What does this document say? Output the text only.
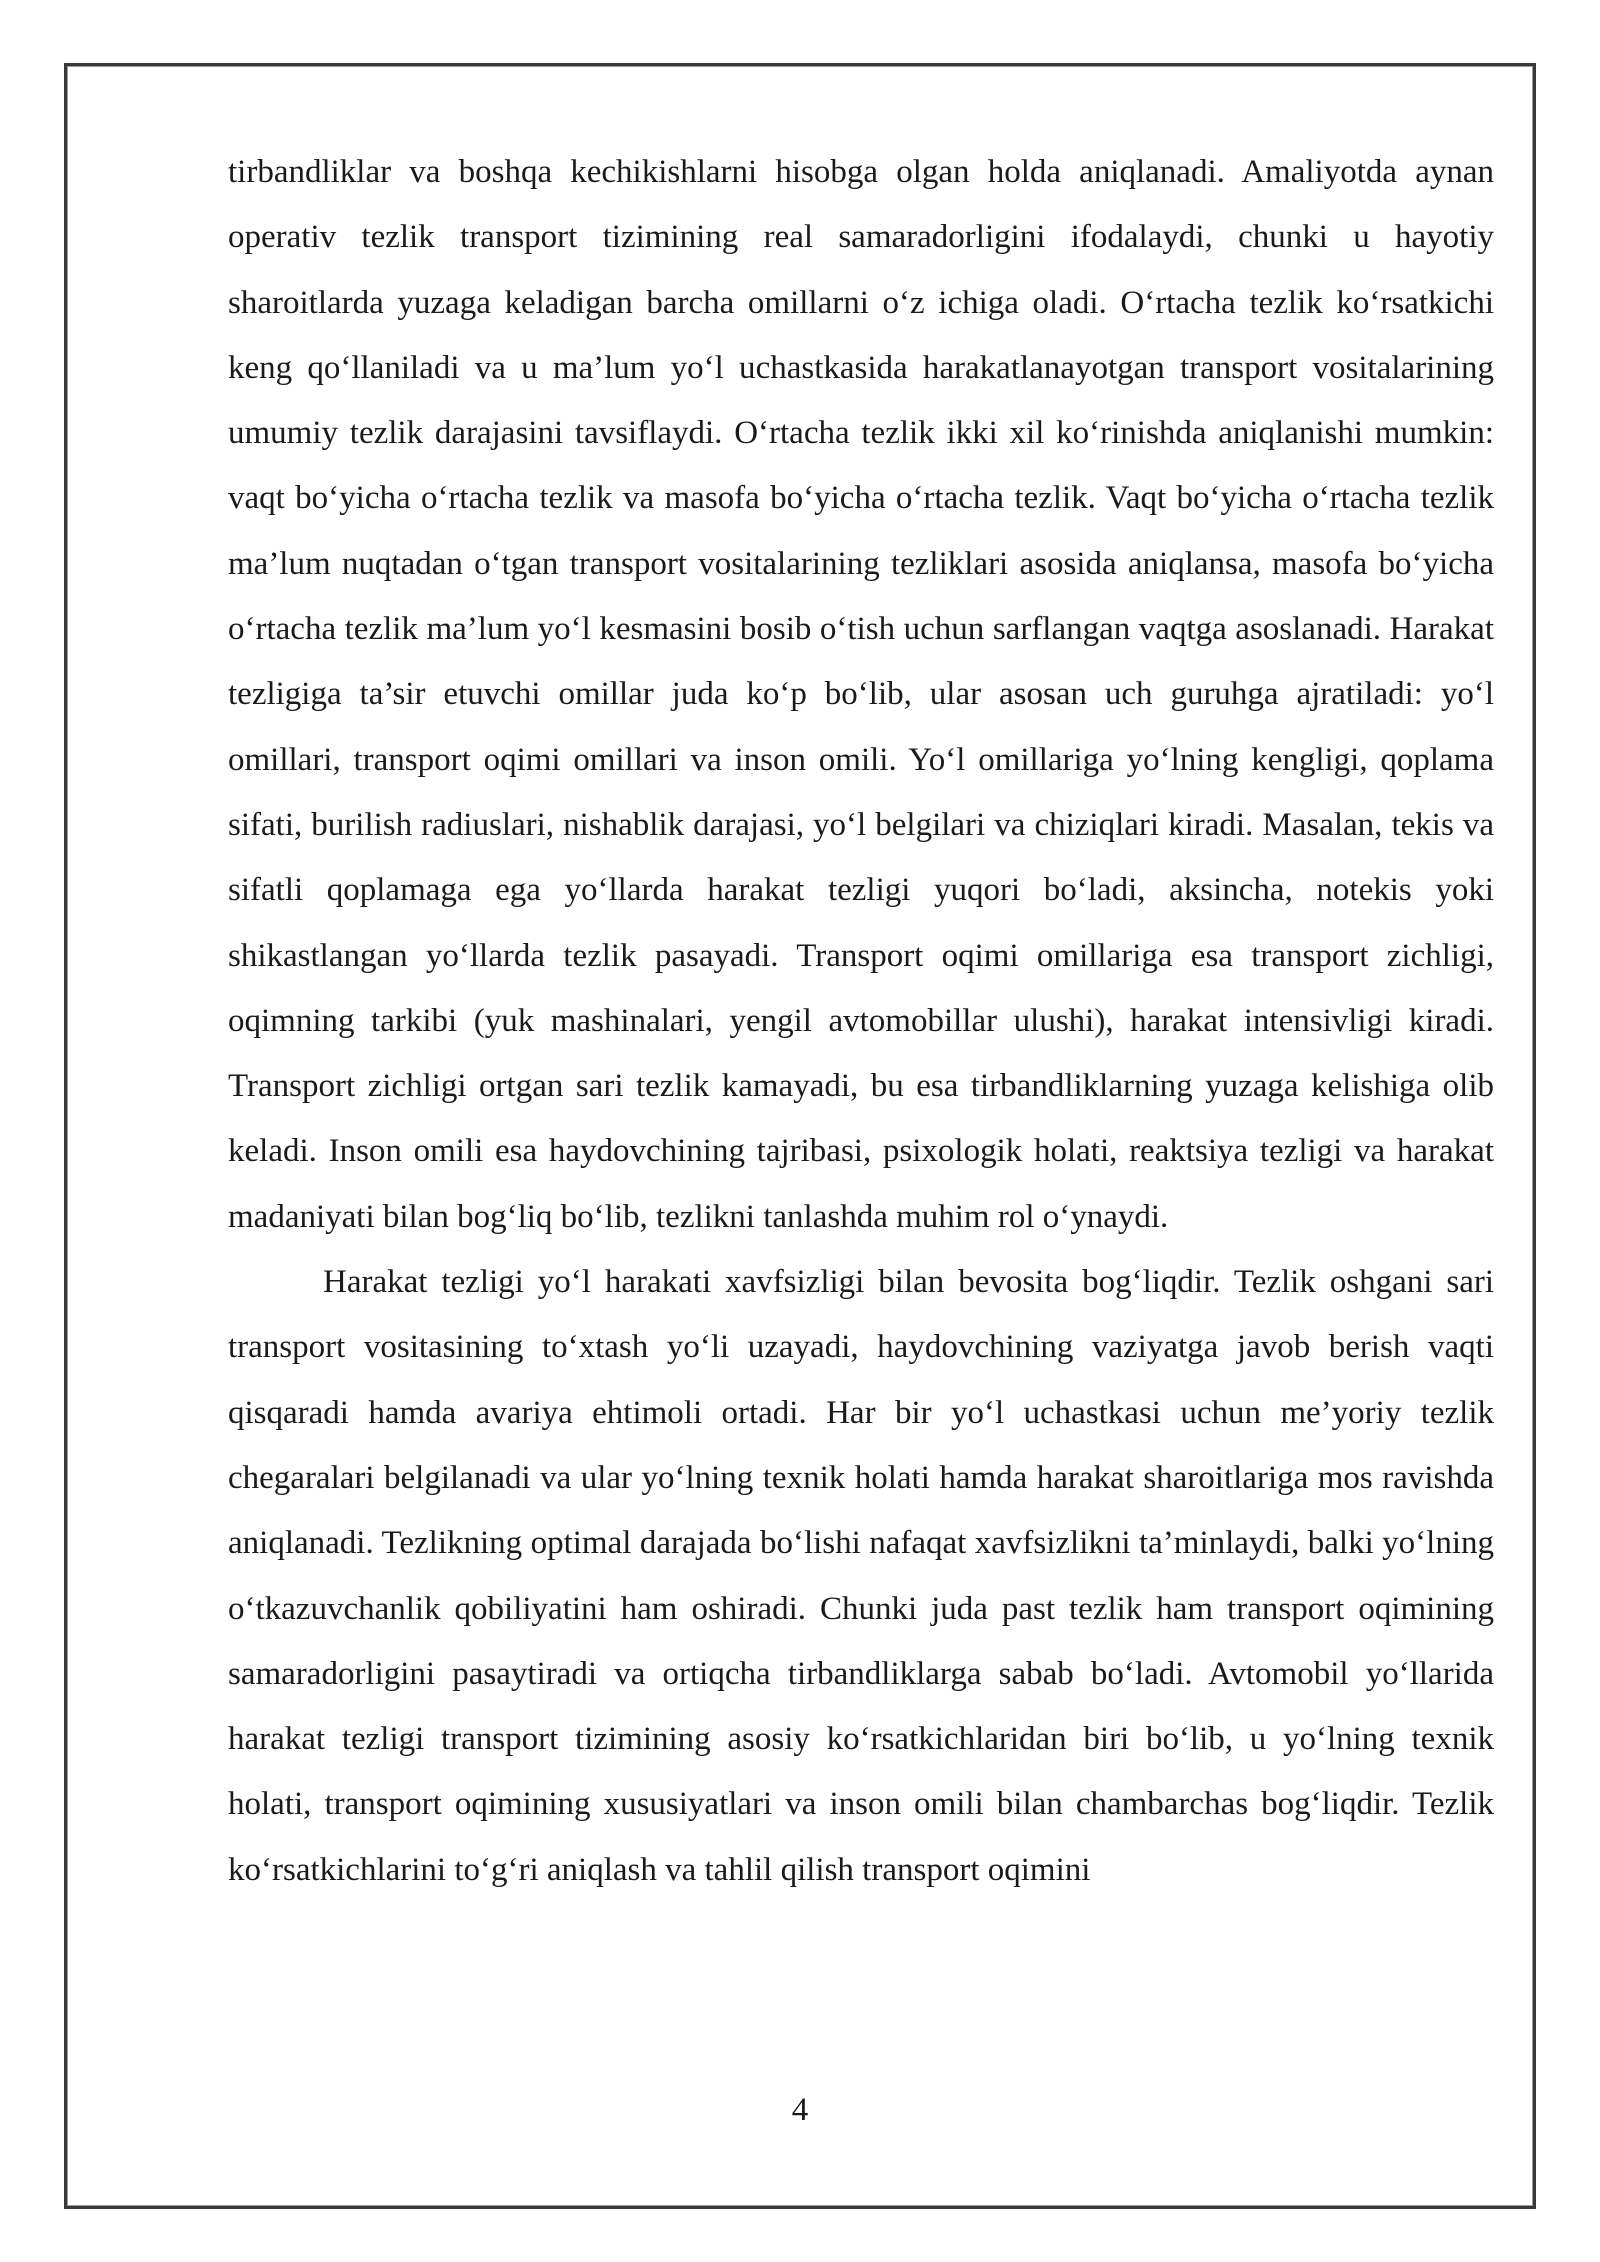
tirbandliklar va boshqa kechikishlarni hisobga olgan holda aniqlanadi. Amaliyotda aynan operativ tezlik transport tizimining real samaradorligini ifodalaydi, chunki u hayotiy sharoitlarda yuzaga keladigan barcha omillarni o‘z ichiga oladi. O‘rtacha tezlik ko‘rsatkichi keng qo‘llaniladi va u ma’lum yo‘l uchastkasida harakatlanayotgan transport vositalarining umumiy tezlik darajasini tavsiflaydi. O‘rtacha tezlik ikki xil ko‘rinishda aniqlanishi mumkin: vaqt bo‘yicha o‘rtacha tezlik va masofa bo‘yicha o‘rtacha tezlik. Vaqt bo‘yicha o‘rtacha tezlik ma’lum nuqtadan o‘tgan transport vositalarining tezliklari asosida aniqlansa, masofa bo‘yicha o‘rtacha tezlik ma’lum yo‘l kesmasini bosib o‘tish uchun sarflangan vaqtga asoslanadi. Harakat tezligiga ta’sir etuvchi omillar juda ko‘p bo‘lib, ular asosan uch guruhga ajratiladi: yo‘l omillari, transport oqimi omillari va inson omili. Yo‘l omillariga yo‘lning kengligi, qoplama sifati, burilish radiuslari, nishablik darajasi, yo‘l belgilari va chiziqlari kiradi. Masalan, tekis va sifatli qoplamaga ega yo‘llarda harakat tezligi yuqori bo‘ladi, aksincha, notekis yoki shikastlangan yo‘llarda tezlik pasayadi. Transport oqimi omillariga esa transport zichligi, oqimning tarkibi (yuk mashinalari, yengil avtomobillar ulushi), harakat intensivligi kiradi. Transport zichligi ortgan sari tezlik kamayadi, bu esa tirbandliklarning yuzaga kelishiga olib keladi. Inson omili esa haydovchining tajribasi, psixologik holati, reaktsiya tezligi va harakat madaniyati bilan bog‘liq bo‘lib, tezlikni tanlashda muhim rol o‘ynaydi.

Harakat tezligi yo‘l harakati xavfsizligi bilan bevosita bog‘liqdir. Tezlik oshgani sari transport vositasining to‘xtash yo‘li uzayadi, haydovchining vaziyatga javob berish vaqti qisqaradi hamda avariya ehtimoli ortadi. Har bir yo‘l uchastkasi uchun me’yoriy tezlik chegaralari belgilanadi va ular yo‘lning texnik holati hamda harakat sharoitlariga mos ravishda aniqlanadi. Tezlikning optimal darajada bo‘lishi nafaqat xavfsizlikni ta’minlaydi, balki yo‘lning o‘tkazuvchanlik qobiliyatini ham oshiradi. Chunki juda past tezlik ham transport oqimining samaradorligini pasaytiradi va ortiqcha tirbandliklarga sabab bo‘ladi. Avtomobil yo‘llarida harakat tezligi transport tizimining asosiy ko‘rsatkichlaridan biri bo‘lib, u yo‘lning texnik holati, transport oqimining xususiyatlari va inson omili bilan chambarchas bog‘liqdir. Tezlik ko‘rsatkichlarini to‘g‘ri aniqlash va tahlil qilish transport oqimini

4
